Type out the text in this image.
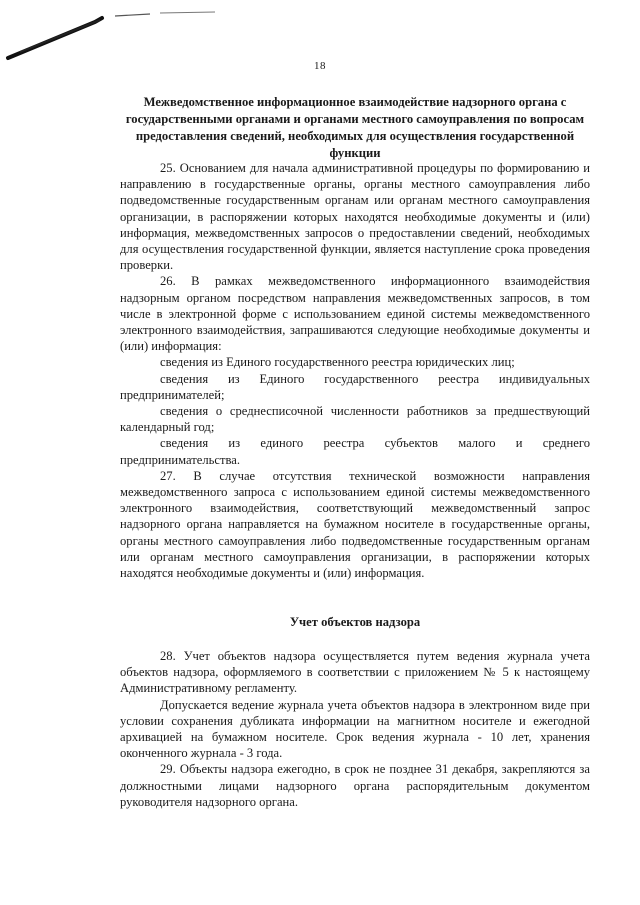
18
Межведомственное информационное взаимодействие надзорного органа с государственными органами и органами местного самоуправления по вопросам предоставления сведений, необходимых для осуществления государственной функции

25. Основанием для начала административной процедуры по формированию и направлению в государственные органы, органы местного самоуправления либо подведомственные государственным органам или органам местного самоуправления организации, в распоряжении которых находятся необходимые документы и (или) информация, межведомственных запросов о предоставлении сведений, необходимых для осуществления государственной функции, является наступление срока проведения проверки.

26. В рамках межведомственного информационного взаимодействия надзорным органом посредством направления межведомственных запросов, в том числе в электронной форме с использованием единой системы межведомственного электронного взаимодействия, запрашиваются следующие необходимые документы и (или) информация:

сведения из Единого государственного реестра юридических лиц;

сведения из Единого государственного реестра индивидуальных предпринимателей;

сведения о среднесписочной численности работников за предшествующий календарный год;

сведения из единого реестра субъектов малого и среднего предпринимательства.

27. В случае отсутствия технической возможности направления межведомственного запроса с использованием единой системы межведомственного электронного взаимодействия, соответствующий межведомственный запрос надзорного органа направляется на бумажном носителе в государственные органы, органы местного самоуправления либо подведомственные государственным органам или органам местного самоуправления организации, в распоряжении которых находятся необходимые документы и (или) информация.

Учет объектов надзора

28. Учет объектов надзора осуществляется путем ведения журнала учета объектов надзора, оформляемого в соответствии с приложением № 5 к настоящему Административному регламенту.

Допускается ведение журнала учета объектов надзора в электронном виде при условии сохранения дубликата информации на магнитном носителе и ежегодной архивацией на бумажном носителе. Срок ведения журнала - 10 лет, хранения оконченного журнала - 3 года.

29. Объекты надзора ежегодно, в срок не позднее 31 декабря, закрепляются за должностными лицами надзорного органа распорядительным документом руководителя надзорного органа.
